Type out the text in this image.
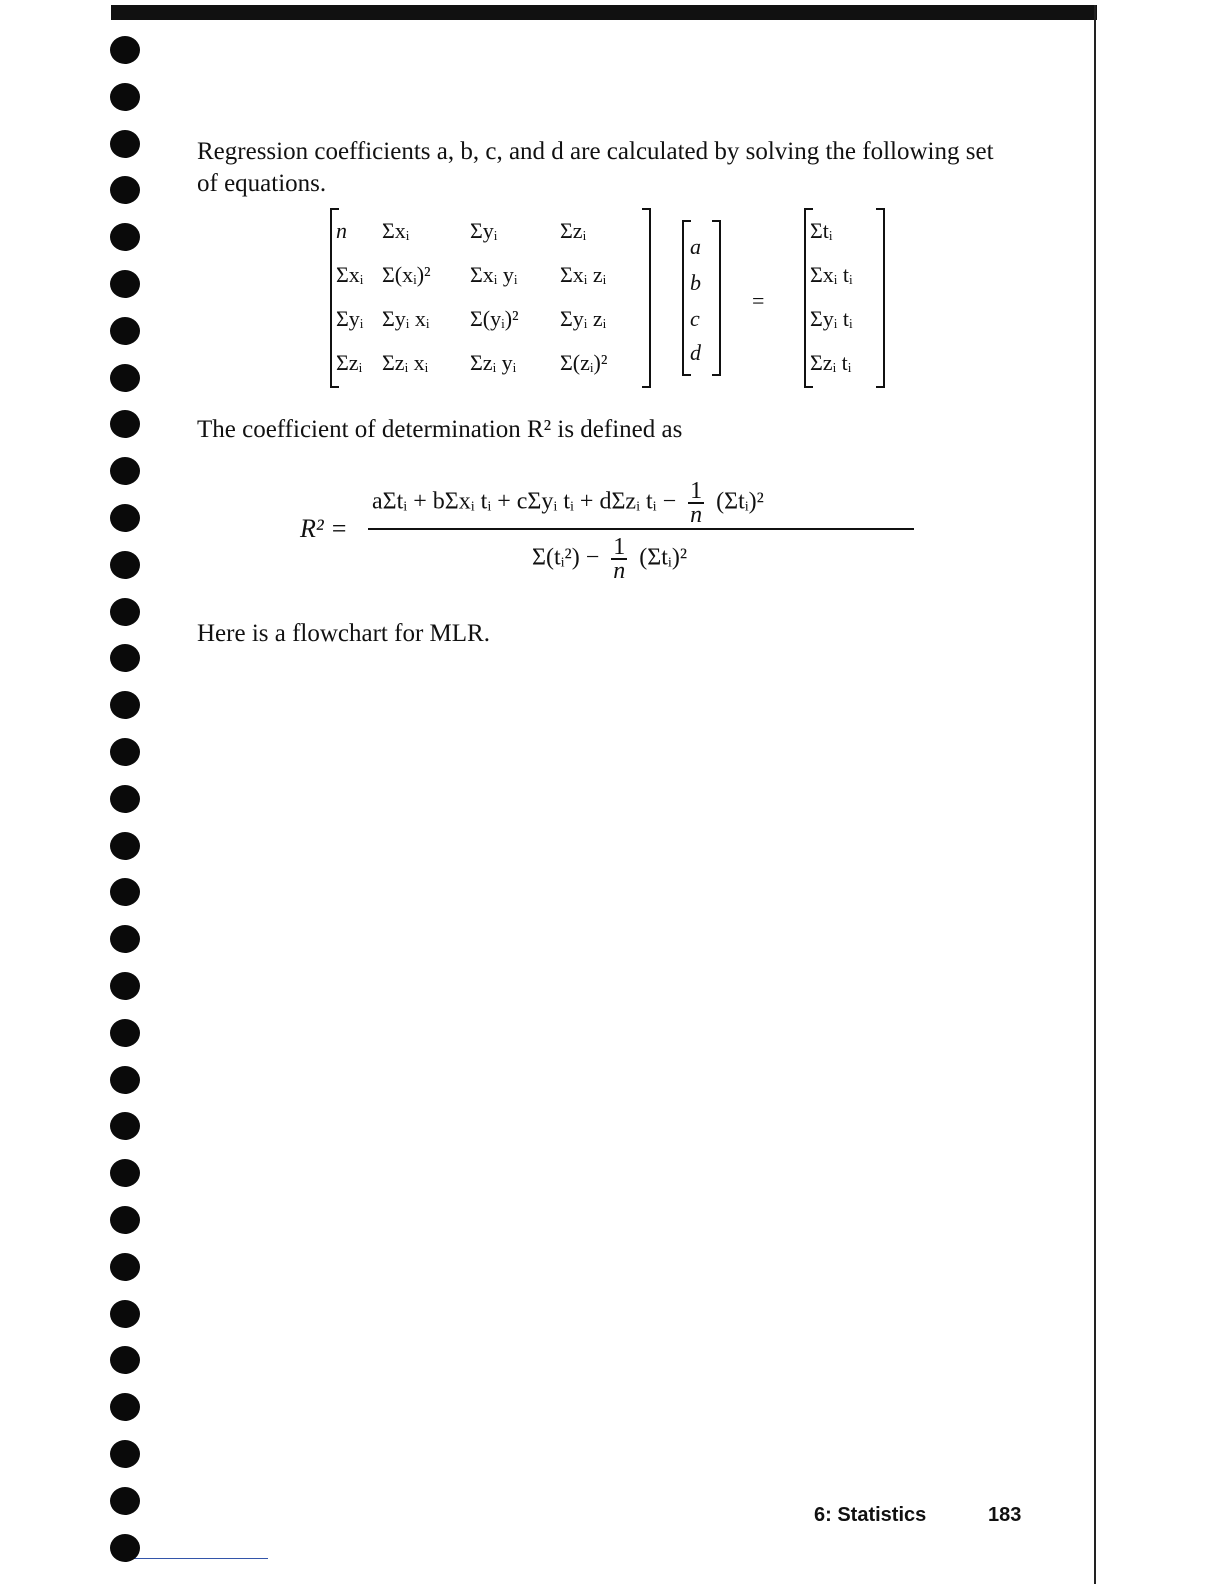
Regression coefficients a, b, c, and d are calculated by solving the following set of equations.

n Σxᵢ	Σyᵢ	Σzᵢ
Σxᵢ Σ(xᵢ)² Σxᵢ yᵢ Σxᵢ zᵢ
Σyᵢ Σyᵢ xᵢ Σ(yᵢ)² Σyᵢ zᵢ
Σzᵢ Σzᵢ xᵢ Σzᵢ yᵢ Σ(zᵢ)²
a
b
c
d
=
Σtᵢ
Σxᵢ tᵢ
Σyᵢ tᵢ
Σzᵢ tᵢ

The coefficient of determination R² is defined as

R² =
aΣtᵢ + bΣxᵢ tᵢ + cΣyᵢ tᵢ + dΣzᵢ tᵢ − $\frac{1}{n}$ (Σtᵢ)²
Σ(tᵢ²) − $\frac{1}{n}$ (Σtᵢ)²

Here is a flowchart for MLR.

6: Statistics	183
